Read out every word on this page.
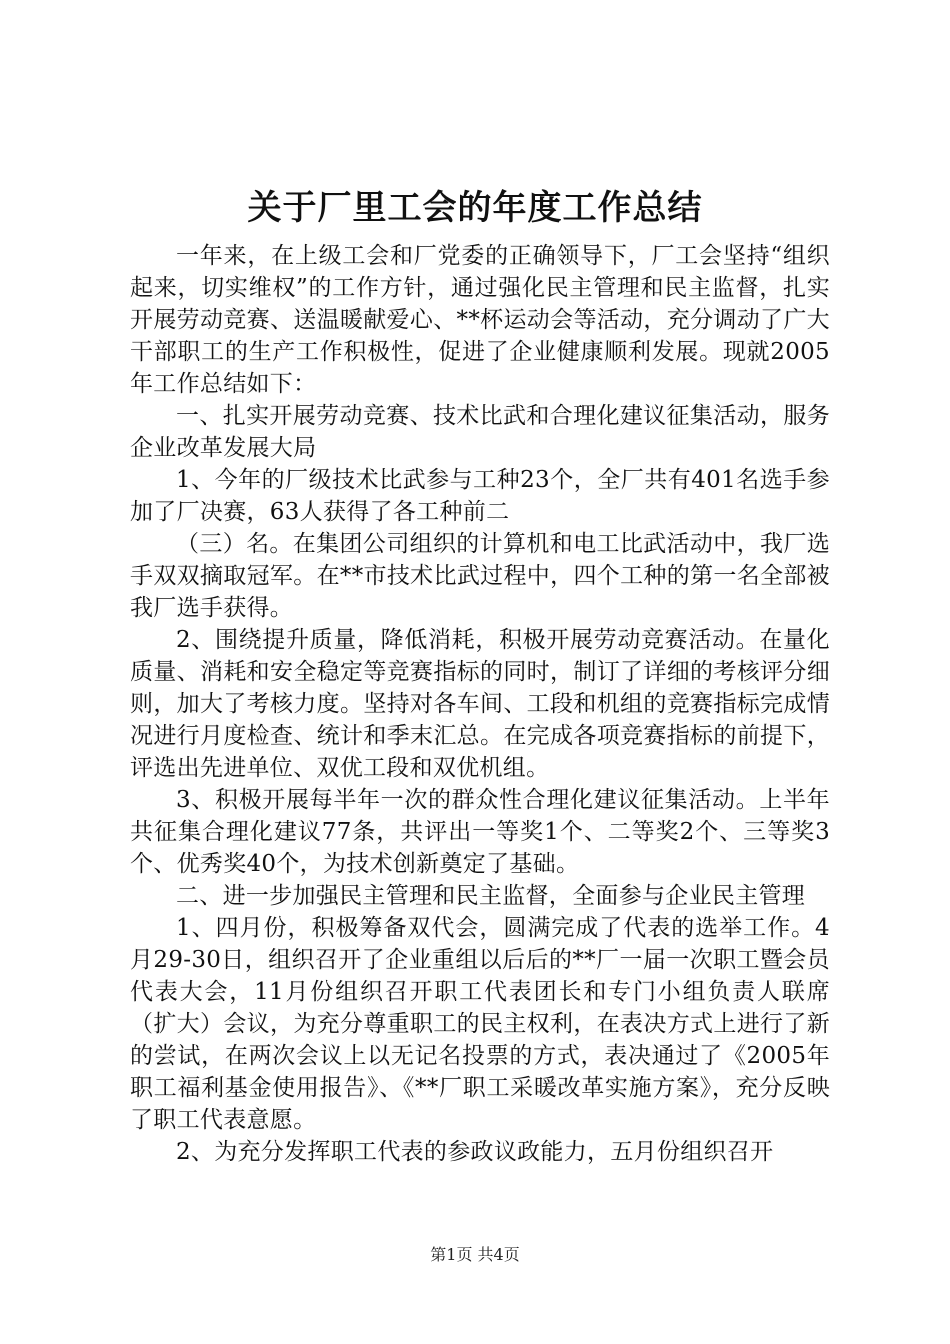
关于厂里工会的年度工作总结

一年来，在上级工会和厂党委的正确领导下，厂工会坚持“组织起来，切实维权”的工作方针，通过强化民主管理和民主监督，扎实开展劳动竞赛、送温暖献爱心、**杯运动会等活动，充分调动了广大干部职工的生产工作积极性，促进了企业健康顺利发展。现就2005年工作总结如下：

一、扎实开展劳动竞赛、技术比武和合理化建议征集活动，服务企业改革发展大局

1、今年的厂级技术比武参与工种23个，全厂共有401名选手参加了厂决赛，63人获得了各工种前二

（三）名。在集团公司组织的计算机和电工比武活动中，我厂选手双双摘取冠军。在**市技术比武过程中，四个工种的第一名全部被我厂选手获得。

2、围绕提升质量，降低消耗，积极开展劳动竞赛活动。在量化质量、消耗和安全稳定等竞赛指标的同时，制订了详细的考核评分细则，加大了考核力度。坚持对各车间、工段和机组的竞赛指标完成情况进行月度检查、统计和季末汇总。在完成各项竞赛指标的前提下，评选出先进单位、双优工段和双优机组。

3、积极开展每半年一次的群众性合理化建议征集活动。上半年共征集合理化建议77条，共评出一等奖1个、二等奖2个、三等奖3个、优秀奖40个，为技术创新奠定了基础。

二、进一步加强民主管理和民主监督，全面参与企业民主管理

1、四月份，积极筹备双代会，圆满完成了代表的选举工作。4月29-30日，组织召开了企业重组以后后的**厂一届一次职工暨会员代表大会，11月份组织召开职工代表团长和专门小组负责人联席（扩大）会议，为充分尊重职工的民主权利，在表决方式上进行了新的尝试，在两次会议上以无记名投票的方式，表决通过了《2005年职工福利基金使用报告》、《**厂职工采暖改革实施方案》，充分反映了职工代表意愿。

2、为充分发挥职工代表的参政议政能力，五月份组织召开

第1页 共4页
